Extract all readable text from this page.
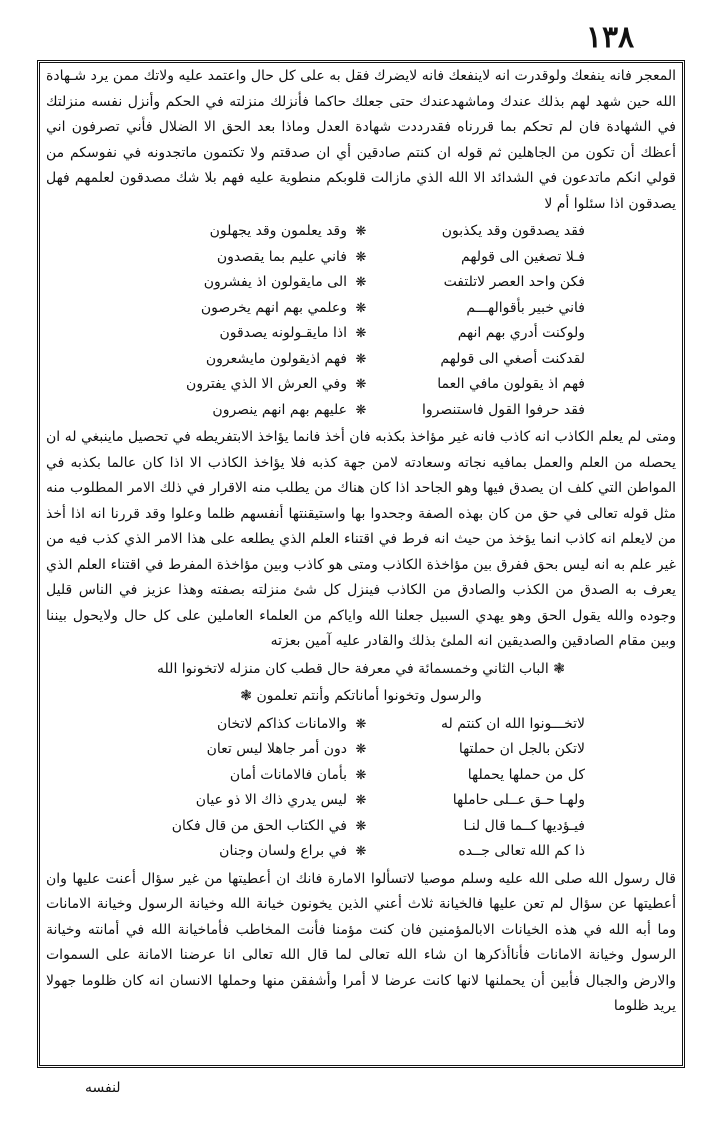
١٣٨

المعجر فانه ينفعك ولوقدرت انه لاينفعك فانه لايضرك فقل به على كل حال واعتمد عليه ولاتك ممن يرد شـهادة الله حين شهد لهم بذلك عندك وماشهدعندك حتى جعلك حاكما فأنزلك منزلته في الحكم وأنزل نفسه منزلتك في الشهادة فان لم تحكم بما قررناه فقدرددت شهادة العدل وماذا بعد الحق الا الضلال فأني تصرفون اني أعظك أن تكون من الجاهلين ثم قوله ان كنتم صادقين أي ان صدقتم ولا تكتمون ماتجدونه في نفوسكم من قولي انكم ماتدعون في الشدائد الا الله الذي مازالت قلوبكم منطوية عليه فهم بلا شك مصدقون لعلمهم فهل يصدقون اذا سئلوا أم لا

فقد يصدقون وقد يكذبون
❋
وقد يعلمون وقد يجهلون
فـلا تصغين الى قولهم
❋
فاني عليم بما يقصدون
فكن واحد العصر لاتلتفت
❋
الى مايقولون اذ يفشرون
فاني خبير بأقوالهـــم
❋
وعلمي بهم انهم يخرصون
ولوكنت أدري بهم انهم
❋
اذا مايقـولونه يصدقون
لقدكنت أصغي الى قولهم
❋
فهم اذيقولون مايشعرون
فهم اذ يقولون مافي العما
❋
وفي العرش الا الذي يفترون
فقد حرفوا القول فاستنصروا
❋
عليهم بهم انهم ينصرون

ومتى لم يعلم الكاذب انه كاذب فانه غير مؤاخذ بكذبه فان أخذ فانما يؤاخذ الابتفريطه في تحصيل ماينبغي له ان يحصله من العلم والعمل بمافيه نجاته وسعادته لامن جهة كذبه فلا يؤاخذ الكاذب الا اذا كان عالما بكذبه في المواطن التي كلف ان يصدق فيها وهو الجاحد اذا كان هناك من يطلب منه الاقرار في ذلك الامر المطلوب منه مثل قوله تعالى في حق من كان بهذه الصفة وجحدوا بها واستيقنتها أنفسهم ظلما وعلوا وقد قررنا انه اذا أخذ من لايعلم انه كاذب انما يؤخذ من حيث انه فرط في اقتناء العلم الذي يطلعه على هذا الامر الذي كذب فيه من غير علم به انه ليس بحق ففرق بين مؤاخذة الكاذب ومتى هو كاذب وبين مؤاخذة المفرط في اقتناء العلم الذي يعرف به الصدق من الكذب والصادق من الكاذب فينزل كل شئ منزلته بصفته وهذا عزيز في الناس قليل وجوده والله يقول الحق وهو يهدي السبيل جعلنا الله واياكم من العلماء العاملين على كل حال ولايحول بيننا وبين مقام الصادقين والصديقين انه الملئ بذلك والقادر عليه آمين بعزته

❃ الباب الثاني وخمسمائة في معرفة حال قطب كان منزله لاتخونوا الله
والرسول وتخونوا أماناتكم وأنتم تعلمون ❃
لاتخـــونوا الله ان كنتم له
❋
والامانات كذاكم لاتخان
لاتكن بالجل ان حملتها
❋
دون أمر جاهلا ليس تعان
كل من حملها يحملها
❋
بأمان فالامانات أمان
ولهـا حـق عــلى حاملها
❋
ليس يدري ذاك الا ذو عيان
فيـؤديها كــما قال لنـا
❋
في الكتاب الحق من قال فكان
ذا كم الله تعالى جــده
❋
في براع ولسان وجنان

قال رسول الله صلى الله عليه وسلم موصيا لاتسألوا الامارة فانك ان أعطيتها من غير سؤال أعنت عليها وان أعطيتها عن سؤال لم تعن عليها فالخيانة ثلاث أعني الذين يخونون خيانة الله وخيانة الرسول وخيانة الامانات وما أبه الله في هذه الخيانات الابالمؤمنين فان كنت مؤمنا فأنت المخاطب فأماخيانة الله في أمانته وخيانة الرسول وخيانة الامانات فأناأذكرها ان شاء الله تعالى لما قال الله تعالى انا عرضنا الامانة على السموات والارض والجبال فأبين أن يحملنها لانها كانت عرضا لا أمرا وأشفقن منها وحملها الانسان انه كان ظلوما جهولا يريد ظلوما

لنفسه
